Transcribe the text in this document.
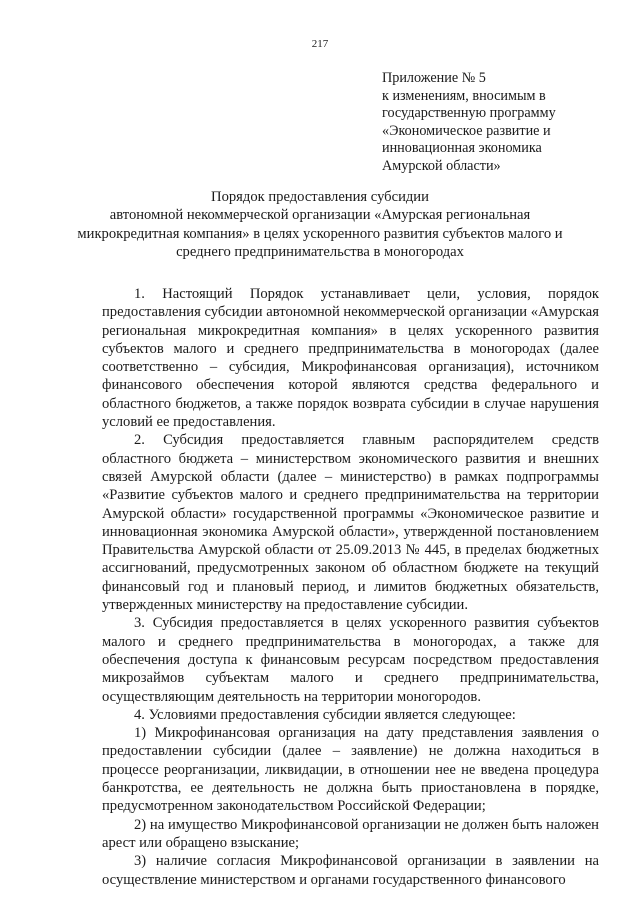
217
Приложение № 5
к изменениям, вносимым в
государственную программу
«Экономическое развитие и
инновационная экономика
Амурской области»
Порядок предоставления субсидии
автономной некоммерческой организации «Амурская региональная
микрокредитная компания» в целях ускоренного развития субъектов малого и
среднего предпринимательства в моногородах

1. Настоящий Порядок устанавливает цели, условия, порядок предоставления субсидии автономной некоммерческой организации «Амурская региональная микрокредитная компания» в целях ускоренного развития субъектов малого и среднего предпринимательства в моногородах (далее соответственно – субсидия, Микрофинансовая организация), источником финансового обеспечения которой являются средства федерального и областного бюджетов, а также порядок возврата субсидии в случае нарушения условий ее предоставления.

2. Субсидия предоставляется главным распорядителем средств областного бюджета – министерством экономического развития и внешних связей Амурской области (далее – министерство) в рамках подпрограммы «Развитие субъектов малого и среднего предпринимательства на территории Амурской области» государственной программы «Экономическое развитие и инновационная экономика Амурской области», утвержденной постановлением Правительства Амурской области от 25.09.2013 № 445, в пределах бюджетных ассигнований, предусмотренных законом об областном бюджете на текущий финансовый год и плановый период, и лимитов бюджетных обязательств, утвержденных министерству на предоставление субсидии.

3. Субсидия предоставляется в целях ускоренного развития субъектов малого и среднего предпринимательства в моногородах, а также для обеспечения доступа к финансовым ресурсам посредством предоставления микрозаймов субъектам малого и среднего предпринимательства, осуществляющим деятельность на территории моногородов.

4. Условиями предоставления субсидии является следующее:

1) Микрофинансовая организация на дату представления заявления о предоставлении субсидии (далее – заявление) не должна находиться в процессе реорганизации, ликвидации, в отношении нее не введена процедура банкротства, ее деятельность не должна быть приостановлена в порядке, предусмотренном законодательством Российской Федерации;

2) на имущество Микрофинансовой организации не должен быть наложен арест или обращено взыскание;

3) наличие согласия Микрофинансовой организации в заявлении на осуществление министерством и органами государственного финансового
